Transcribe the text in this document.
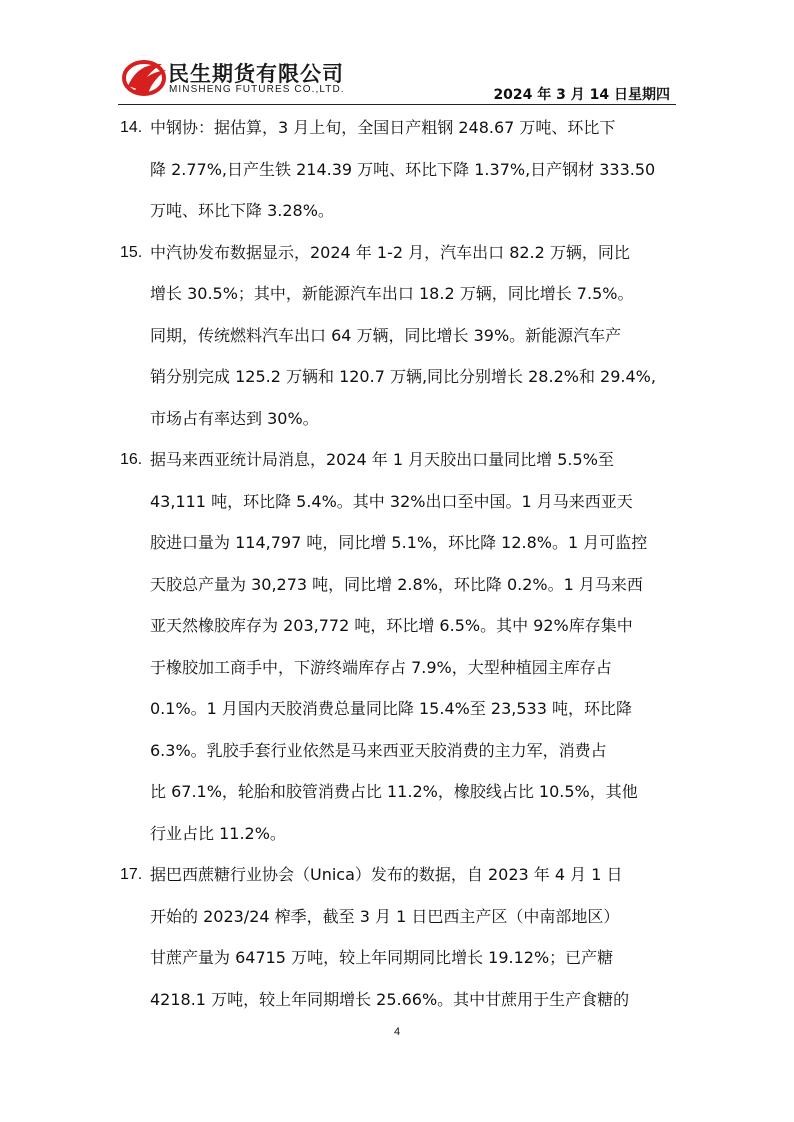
民生期货有限公司
MINSHENG FUTURES CO.,LTD.	2024 年 3 月 14 日星期四
14. 中钢协：据估算，3 月上旬，全国日产粗钢 248.67 万吨、环比下
降 2.77%,日产生铁 214.39 万吨、环比下降 1.37%,日产钢材 333.50
万吨、环比下降 3.28%。
15. 中汽协发布数据显示，2024 年 1-2 月，汽车出口 82.2 万辆，同比
增长 30.5%；其中，新能源汽车出口 18.2 万辆，同比增长 7.5%。
同期，传统燃料汽车出口 64 万辆，同比增长 39%。新能源汽车产
销分别完成 125.2 万辆和 120.7 万辆,同比分别增长 28.2%和 29.4%,
市场占有率达到 30%。
16. 据马来西亚统计局消息，2024 年 1 月天胶出口量同比增 5.5%至
43,111 吨，环比降 5.4%。其中 32%出口至中国。1 月马来西亚天
胶进口量为 114,797 吨，同比增 5.1%，环比降 12.8%。1 月可监控
天胶总产量为 30,273 吨，同比增 2.8%，环比降 0.2%。1 月马来西
亚天然橡胶库存为 203,772 吨，环比增 6.5%。其中 92%库存集中
于橡胶加工商手中，下游终端库存占 7.9%，大型种植园主库存占
0.1%。1 月国内天胶消费总量同比降 15.4%至 23,533 吨，环比降
6.3%。乳胶手套行业依然是马来西亚天胶消费的主力军，消费占
比 67.1%，轮胎和胶管消费占比 11.2%，橡胶线占比 10.5%，其他
行业占比 11.2%。
17. 据巴西蔗糖行业协会（Unica）发布的数据，自 2023 年 4 月 1 日
开始的 2023/24 榨季，截至 3 月 1 日巴西主产区（中南部地区）
甘蔗产量为 64715 万吨，较上年同期同比增长 19.12%；已产糖
4218.1 万吨，较上年同期增长 25.66%。其中甘蔗用于生产食糖的
4
